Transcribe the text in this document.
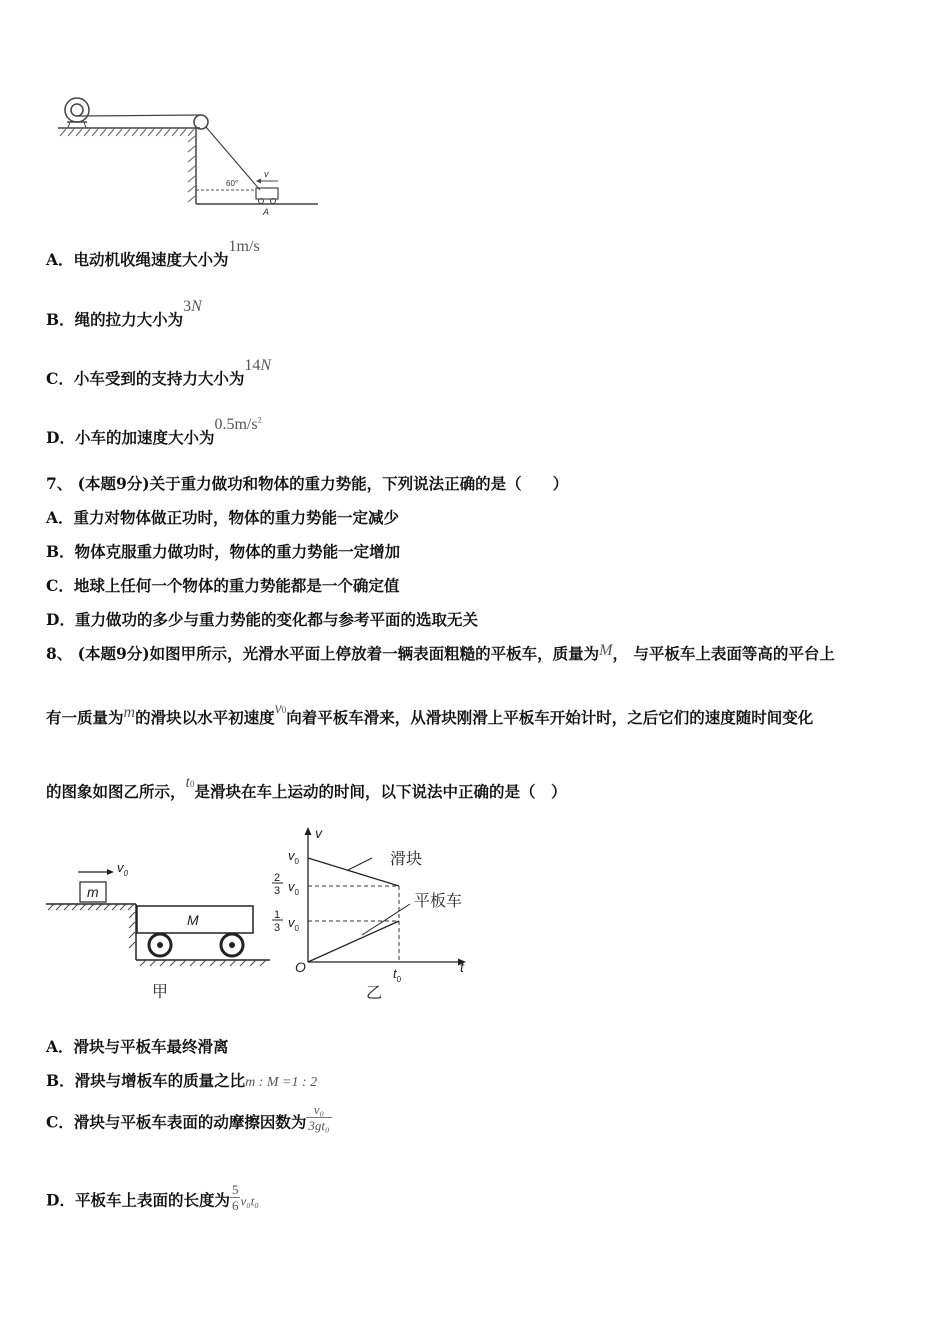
60°
v
A
A．电动机收绳速度大小为1m/s
B．绳的拉力大小为3N
C．小车受到的支持力大小为14N
D．小车的加速度大小为$0.5m/s^2$
7、 (本题9分)关于重力做功和物体的重力势能，下列说法正确的是（　　）
A．重力对物体做正功时，物体的重力势能一定减少
B．物体克服重力做功时，物体的重力势能一定增加
C．地球上任何一个物体的重力势能都是一个确定值
D．重力做功的多少与重力势能的变化都与参考平面的选取无关
8、 (本题9分)如图甲所示，光滑水平面上停放着一辆表面粗糙的平板车，质量为M， 与平板车上表面等高的平台上
有一质量为m的滑块以水平初速度v0向着平板车滑来，从滑块刚滑上平板车开始计时，之后它们的速度随时间变化
的图象如图乙所示，t0是滑块在车上运动的时间，以下说法中正确的是（　）
$v_0$
m
M
甲
v
t
O
$v_0$
2
3 $v_0$
1
3 $v_0$
$t_0$
滑块
平板车
乙
A．滑块与平板车最终滑离
B．滑块与增板车的质量之比m : M =1 : 2
C．滑块与平板车表面的动摩擦因数为 $\frac{\text{v₀}}{\text{3gt₀}}$
D．平板车上表面的长度为 $\frac{5}{6} v_0t_0$
